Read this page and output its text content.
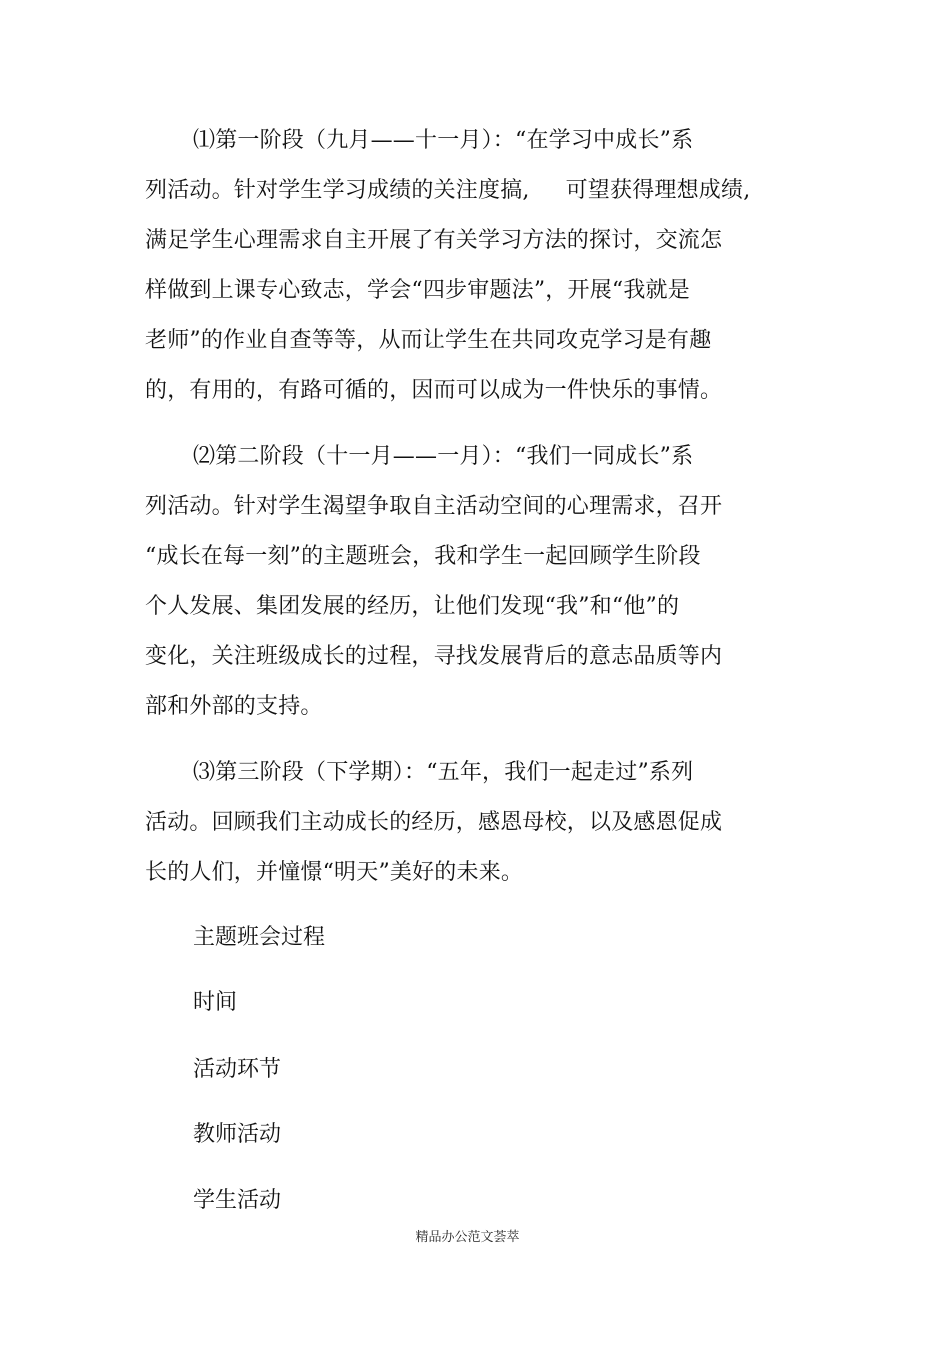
⑴第一阶段（九月——十一月）：“在学习中成长”系
列活动。针对学生学习成绩的关注度搞, 可望获得理想成绩,
满足学生心理需求自主开展了有关学习方法的探讨，交流怎
样做到上课专心致志，学会“四步审题法”，开展“我就是
老师”的作业自查等等，从而让学生在共同攻克学习是有趣
的，有用的，有路可循的，因而可以成为一件快乐的事情。
⑵第二阶段（十一月——一月）：“我们一同成长”系
列活动。针对学生渴望争取自主活动空间的心理需求，召开
“成长在每一刻”的主题班会，我和学生一起回顾学生阶段
个人发展、集团发展的经历，让他们发现“我”和“他”的
变化，关注班级成长的过程，寻找发展背后的意志品质等内
部和外部的支持。
⑶第三阶段（下学期）：“五年，我们一起走过”系列
活动。回顾我们主动成长的经历，感恩母校，以及感恩促成
长的人们，并憧憬“明天”美好的未来。
主题班会过程
时间
活动环节
教师活动
学生活动
精品办公范文荟萃
